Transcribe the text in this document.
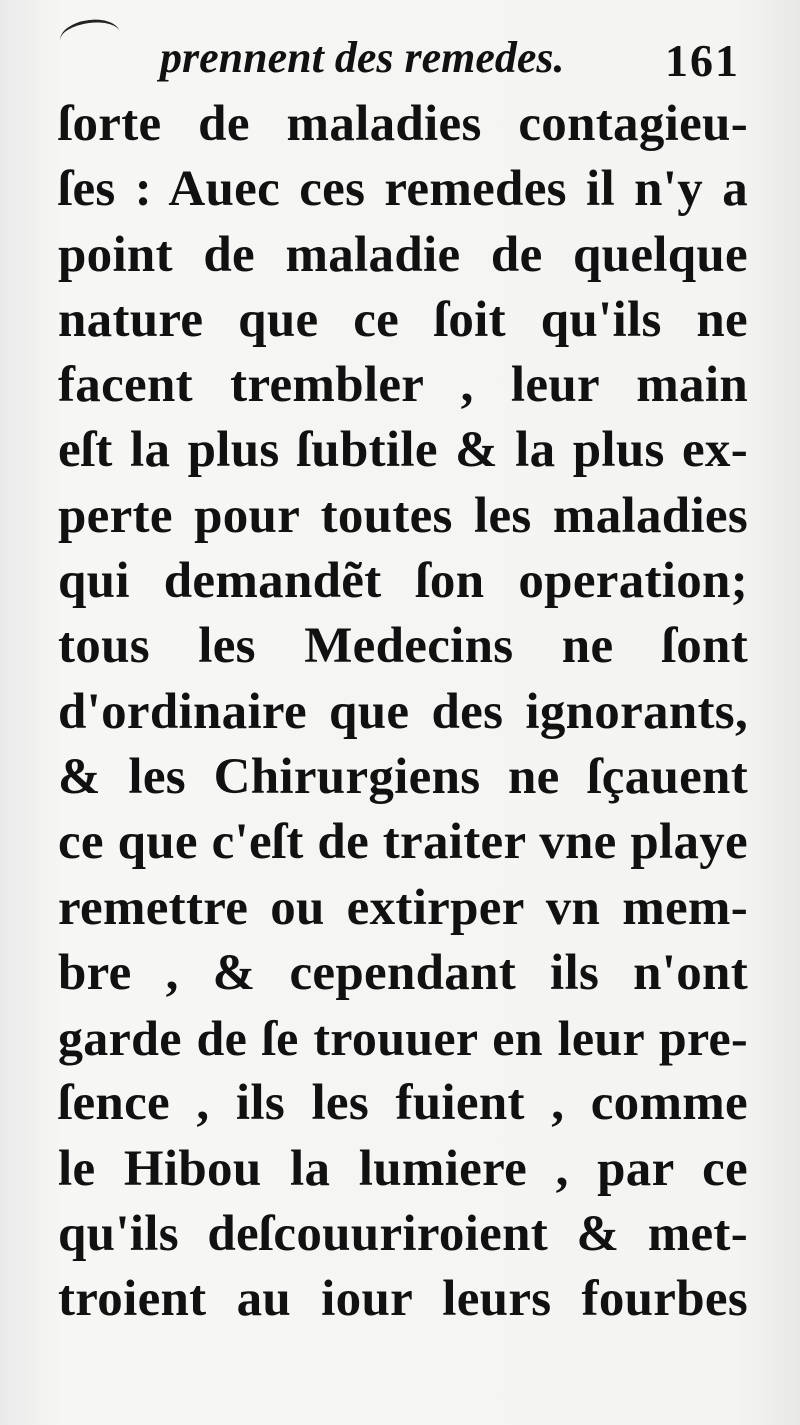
prennent des remedes. 161
ſorte de maladies contagieu-
ſes : Auec ces remedes il n'y a
point de maladie de quelque
nature que ce ſoit qu'ils ne
facent trembler , leur main
eſt la plus ſubtile & la plus ex-
perte pour toutes les maladies
qui demandẽt ſon operation;
tous les Medecins ne ſont
d'ordinaire que des ignorants,
& les Chirurgiens ne ſçauent
ce que c'eſt de traiter vne playe
remettre ou extirper vn mem-
bre , & cependant ils n'ont
garde de ſe trouuer en leur pre-
ſence , ils les fuient , comme
le Hibou la lumiere , par ce
qu'ils deſcouuriroient & met-
troient au iour leurs fourbes
